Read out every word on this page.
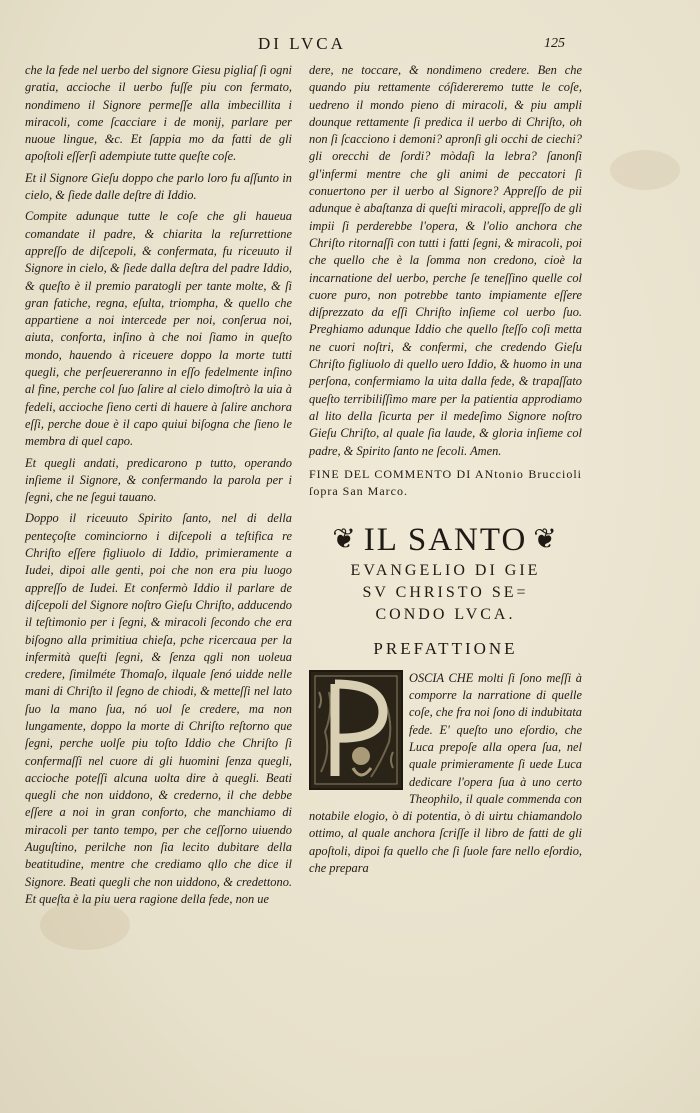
DI LVCA	125

che la fede nel uerbo del signore Giesu pigliaſ ſi ogni gratia, accioche il uerbo fuſſe piu con fermato, nondimeno il Signore permeſſe alla imbecillita i miracoli, come ſcacciare i de monij, parlare per nuoue lingue, &c. Et ſappia mo da fatti de gli apoſtoli eſſerſi adempiute tutte queſte coſe.

Et il Signore Gieſu doppo che parlo loro fu aſſunto in cielo, & ſiede dalle deſtre di Iddio.

Compite adunque tutte le coſe che gli haueua comandate il padre, & chiarita la reſurrettione appreſſo de diſcepoli, & confermata, fu riceuuto il Signore in cielo, & ſiede dalla deſtra del padre Iddio, & queſto è il premio paratogli per tante molte, & ſi gran fatiche, regna, eſulta, triompha, & quello che appartiene a noi intercede per noi, conſerua noi, aiuta, conforta, inſino à che noi ſiamo in queſto mondo, hauendo à riceuere doppo la morte tutti quegli, che perſeuereranno in eſſo fedelmente inſino al fine, perche col ſuo ſalire al cielo dimoſtrò la uia à fedeli, accioche ſieno certi di hauere à ſalire anchora eſſi, perche doue è il capo quiui biſogna che ſieno le membra di quel capo.

Et quegli andati, predicarono p tutto, operando inſieme il Signore, & confermando la parola per i ſegni, che ne ſegui tauano.

Doppo il riceuuto Spirito ſanto, nel di della penteçoſte cominciorno i diſcepoli a teſtifica re Chriſto eſſere figliuolo di Iddio, primieramente a Iudei, dipoi alle genti, poi che non era piu luogo appreſſo de Iudei. Et confermò Iddio il parlare de diſcepoli del Signore noſtro Gieſu Chriſto, adducendo il teſtimonio per i ſegni, & miracoli ſecondo che era biſogno alla primitiua chieſa, pche ricercaua per la infermità queſti ſegni, & ſenza qgli non uoleua credere, ſimilméte Thomaſo, ilquale ſenó uidde nelle mani di Chriſto il ſegno de chiodi, & metteſſi nel lato ſuo la mano ſua, nó uol ſe credere, ma non lungamente, doppo la morte di Chriſto reſtorno que ſegni, perche uolſe piu toſto Iddio che Chriſto ſi confermaſſi nel cuore di gli huomini ſenza quegli, accioche poteſſi alcuna uolta dire à quegli. Beati quegli che non uiddono, & crederno, il che debbe eſſere a noi in gran conforto, che manchiamo di miracoli per tanto tempo, per che ceſſorno uiuendo Auguſtino, perilche non ſia lecito dubitare della beatitudine, mentre che crediamo qllo che dice il Signore. Beati quegli che non uiddono, & credettono. Et queſta è la piu uera ragione della fede, non ue

dere, ne toccare, & nondimeno credere. Ben che quando piu rettamente cóſidereremo tutte le coſe, uedreno il mondo pieno di miracoli, & piu ampli dounque rettamente ſi predica il uerbo di Chriſto, oh non ſi ſcacciono i demoni? apronſi gli occhi de ciechi? gli orecchi de ſordi? mòdaſi la lebra? ſanonſi gl'infermi mentre che gli animi de peccatori ſi conuertono per il uerbo al Signore? Appreſſo de pii adunque è abaſtanza di queſti miracoli, appreſſo de gli impii ſi perderebbe l'opera, & l'olio anchora che Chriſto ritornaſſi con tutti i fatti ſegni, & miracoli, poi che quello che è la ſomma non credono, cioè la incarnatione del uerbo, perche ſe teneſſino quelle col cuore puro, non potrebbe tanto impiamente eſſere diſprezzato da eſſi Chriſto inſieme col uerbo ſuo. Preghiamo adunque Iddio che quello ſteſſo coſi metta ne cuori noſtri, & confermi, che credendo Gieſu Chriſto figliuolo di quello uero Iddio, & huomo in una perſona, confermiamo la uita dalla fede, & trapaſſato queſto terribiliſſimo mare per la patientia approdiamo al lito della ſicurta per il medeſimo Signore noſtro Gieſu Chriſto, al quale ſia laude, & gloria inſieme col padre, & Spirito ſanto ne ſecoli. Amen.

FINE DEL COMMENTO DI ANtonio Bruccioli ſopra San Marco.

❦ IL SANTO ❦
EVANGELIO DI GIE
SV CHRISTO SE=
CONDO LVCA.
PREFATTIONE

OSCIA CHE molti ſi ſono meſſi à comporre la narratione di quelle coſe, che fra noi ſono di indubitata fede. E' queſto uno eſordio, che Luca prepoſe alla opera ſua, nel quale primieramente ſi uede Luca dedicare l'opera ſua à uno certo Theophilo, il quale commenda con notabile elogio, ò di potentia, ò di uirtu chiamandolo ottimo, al quale anchora ſcriſſe il libro de fatti de gli apoſtoli, dipoi fa quello che ſi ſuole fare nello eſordio, che prepara
